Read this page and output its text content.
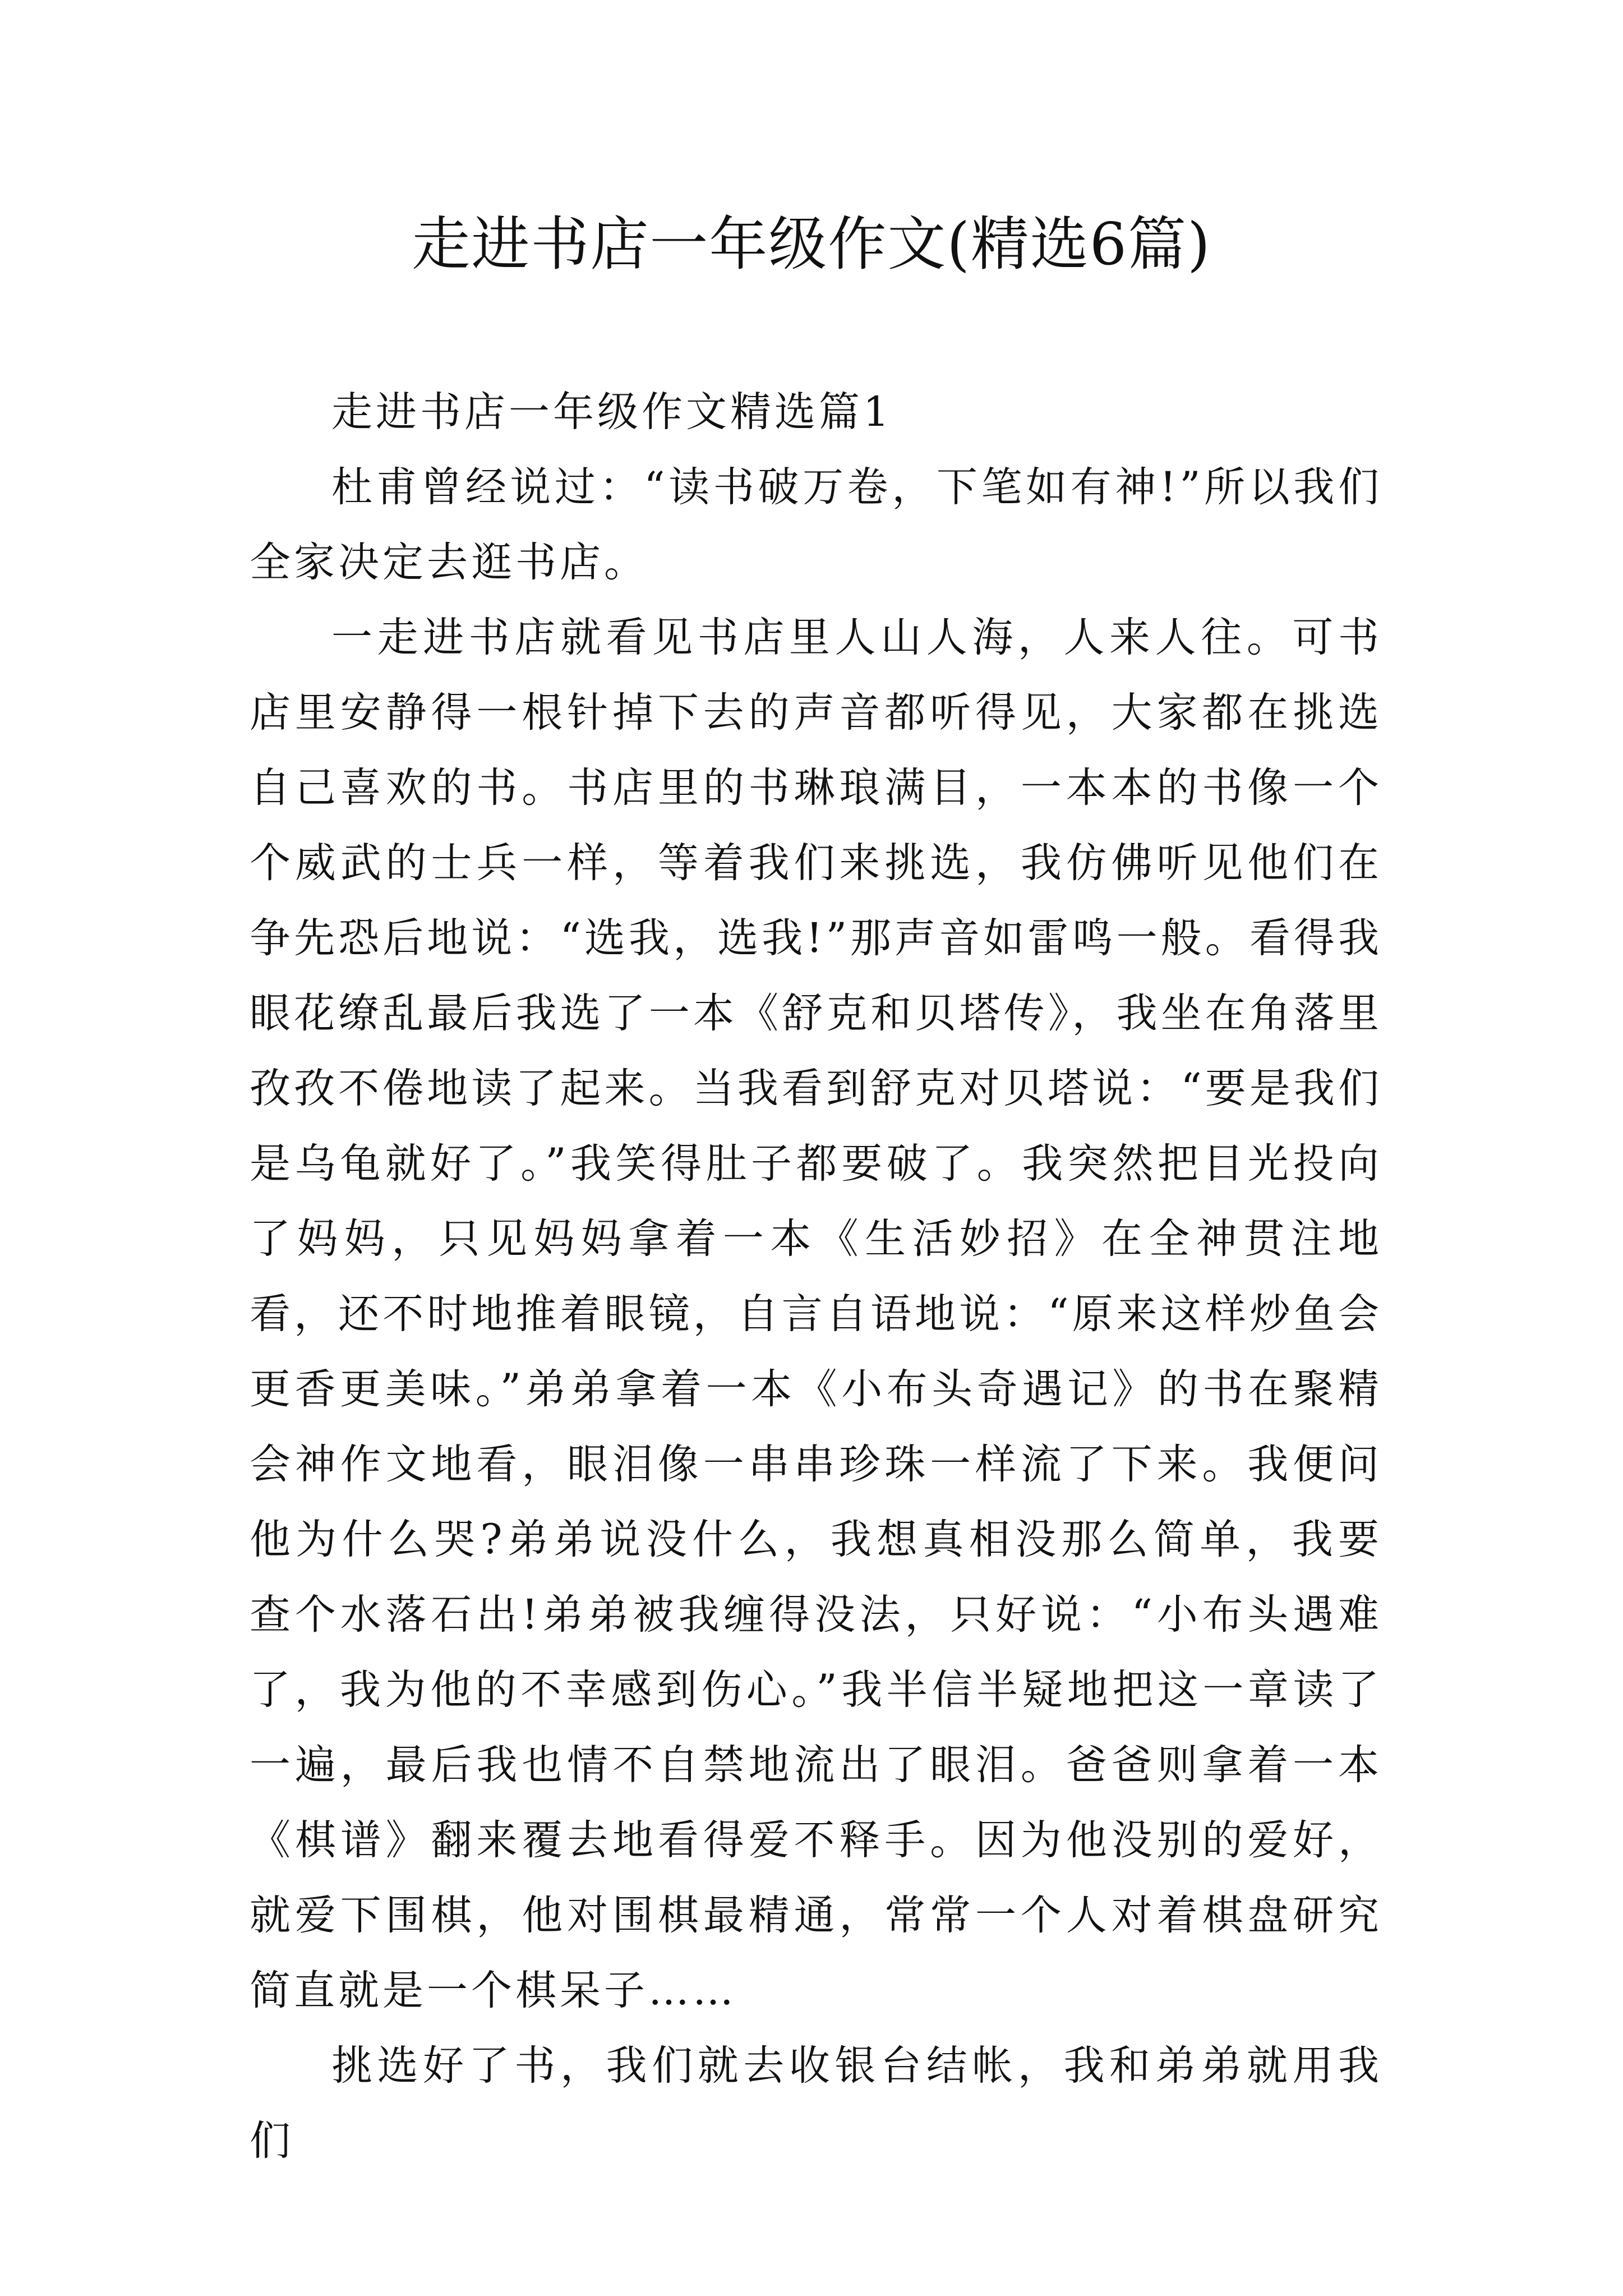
走进书店一年级作文(精选6篇)

走进书店一年级作文精选篇1

杜甫曾经说过：“读书破万卷，下笔如有神!”所以我们全家决定去逛书店。

一走进书店就看见书店里人山人海，人来人往。可书店里安静得一根针掉下去的声音都听得见，大家都在挑选自己喜欢的书。书店里的书琳琅满目，一本本的书像一个个威武的士兵一样，等着我们来挑选，我仿佛听见他们在争先恐后地说：“选我，选我!”那声音如雷鸣一般。看得我眼花缭乱最后我选了一本《舒克和贝塔传》，我坐在角落里孜孜不倦地读了起来。当我看到舒克对贝塔说：“要是我们是乌龟就好了。”我笑得肚子都要破了。我突然把目光投向了妈妈，只见妈妈拿着一本《生活妙招》在全神贯注地看，还不时地推着眼镜，自言自语地说：“原来这样炒鱼会更香更美味。”弟弟拿着一本《小布头奇遇记》的书在聚精会神作文地看，眼泪像一串串珍珠一样流了下来。我便问他为什么哭?弟弟说没什么，我想真相没那么简单，我要查个水落石出!弟弟被我缠得没法，只好说：“小布头遇难了，我为他的不幸感到伤心。”我半信半疑地把这一章读了一遍，最后我也情不自禁地流出了眼泪。爸爸则拿着一本《棋谱》翻来覆去地看得爱不释手。因为他没别的爱好，就爱下围棋，他对围棋最精通，常常一个人对着棋盘研究简直就是一个棋呆子……

挑选好了书，我们就去收银台结帐，我和弟弟就用我们
